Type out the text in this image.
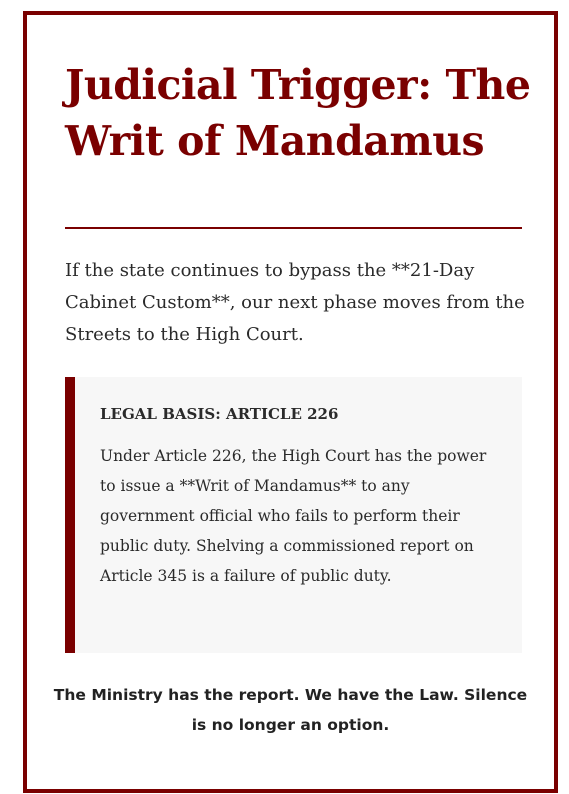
Judicial Trigger: The Writ of Mandamus

If the state continues to bypass the **21-Day Cabinet Custom**, our next phase moves from the Streets to the High Court.

LEGAL BASIS: ARTICLE 226

Under Article 226, the High Court has the power to issue a **Writ of Mandamus** to any government official who fails to perform their public duty. Shelving a commissioned report on Article 345 is a failure of public duty.

The Ministry has the report. We have the Law. Silence is no longer an option.
